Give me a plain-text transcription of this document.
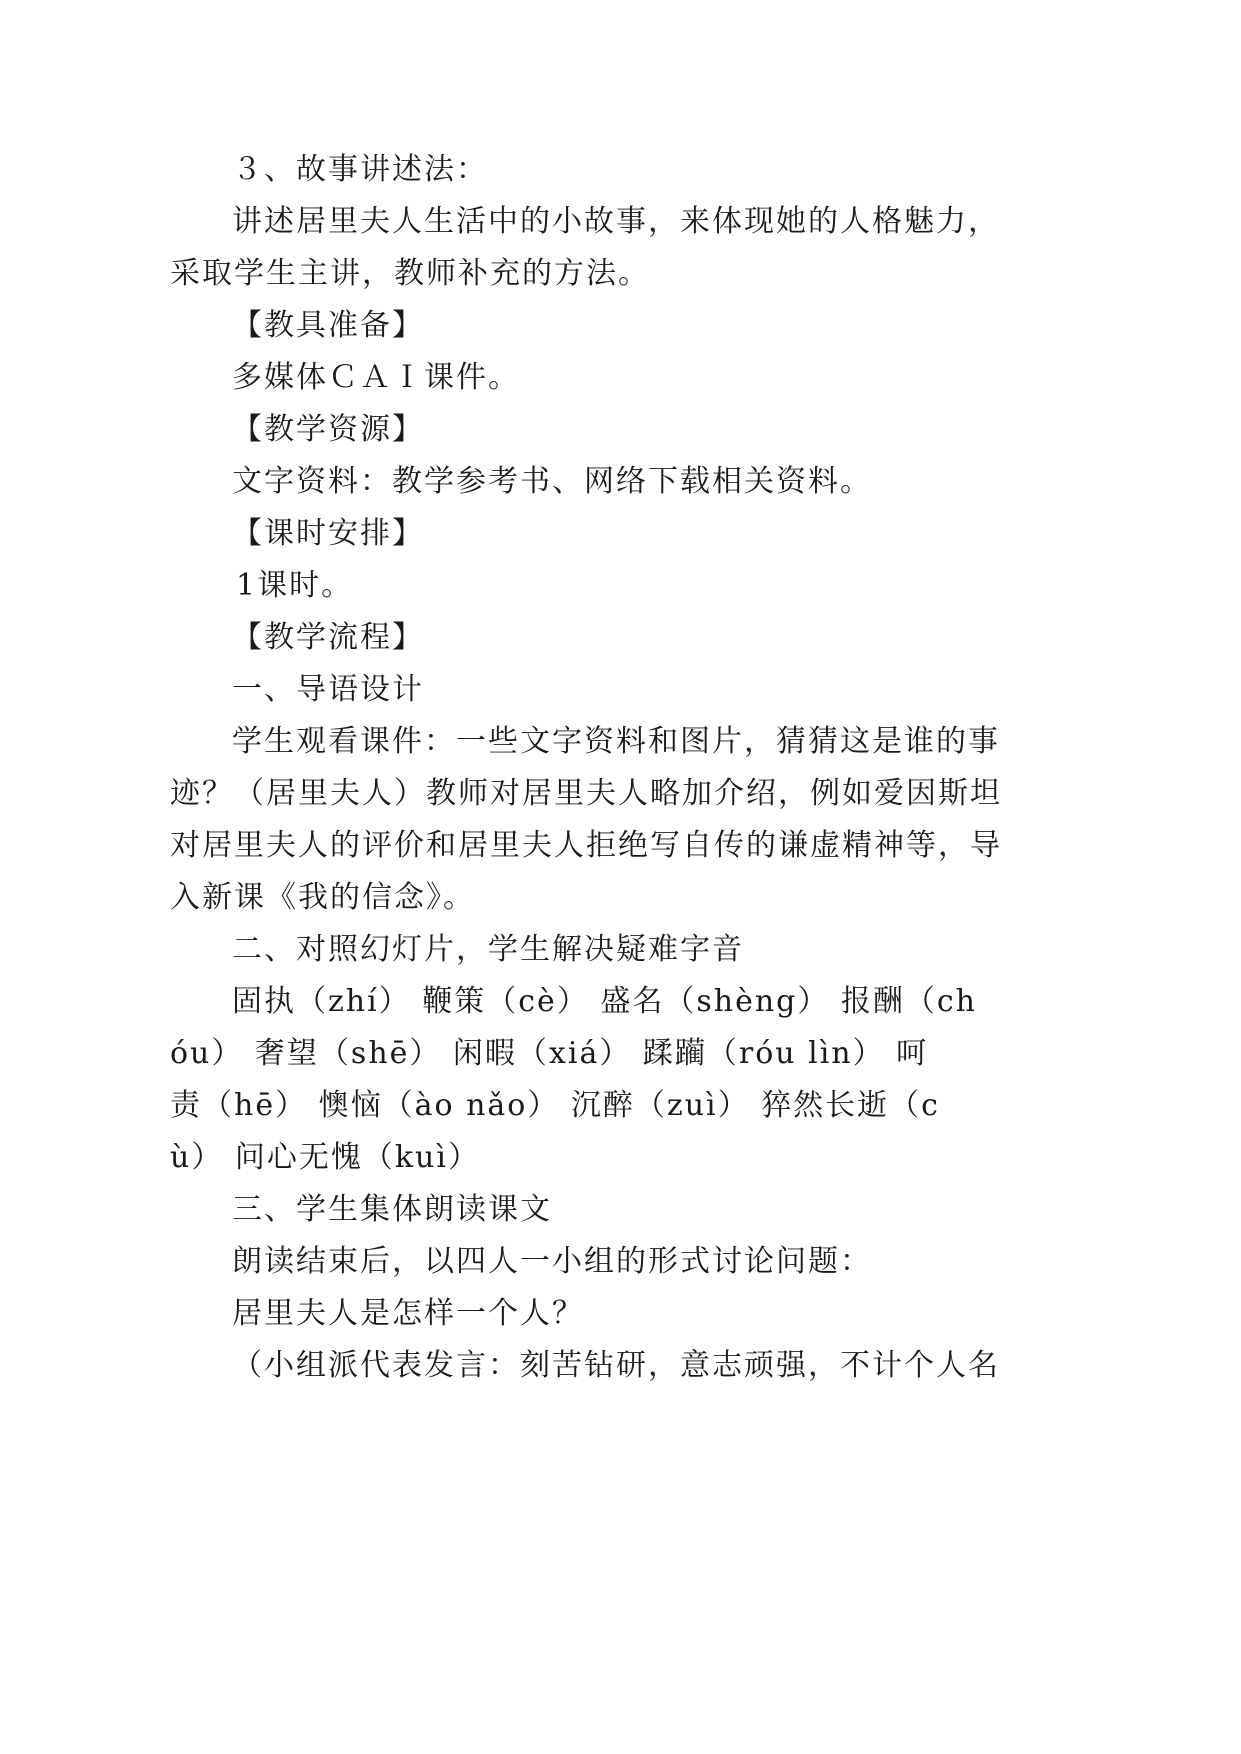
３、故事讲述法：
讲述居里夫人生活中的小故事，来体现她的人格魅力，
采取学生主讲，教师补充的方法。
【教具准备】
多媒体ＣＡＩ课件。
【教学资源】
文字资料：教学参考书、网络下载相关资料。
【课时安排】
1课时。
【教学流程】
一、导语设计
学生观看课件：一些文字资料和图片，猜猜这是谁的事
迹？（居里夫人）教师对居里夫人略加介绍，例如爱因斯坦
对居里夫人的评价和居里夫人拒绝写自传的谦虚精神等，导
入新课《我的信念》。
二、对照幻灯片，学生解决疑难字音
固执（zhí） 鞭策（cè） 盛名（shèng） 报酬（ch
óu） 奢望（shē） 闲暇（xiá） 蹂躏（róu lìn） 呵
责（hē） 懊恼（ào nǎo） 沉醉（zuì） 猝然长逝（c
ù） 问心无愧（kuì）
三、学生集体朗读课文
朗读结束后，以四人一小组的形式讨论问题：
居里夫人是怎样一个人？
（小组派代表发言：刻苦钻研，意志顽强，不计个人名
